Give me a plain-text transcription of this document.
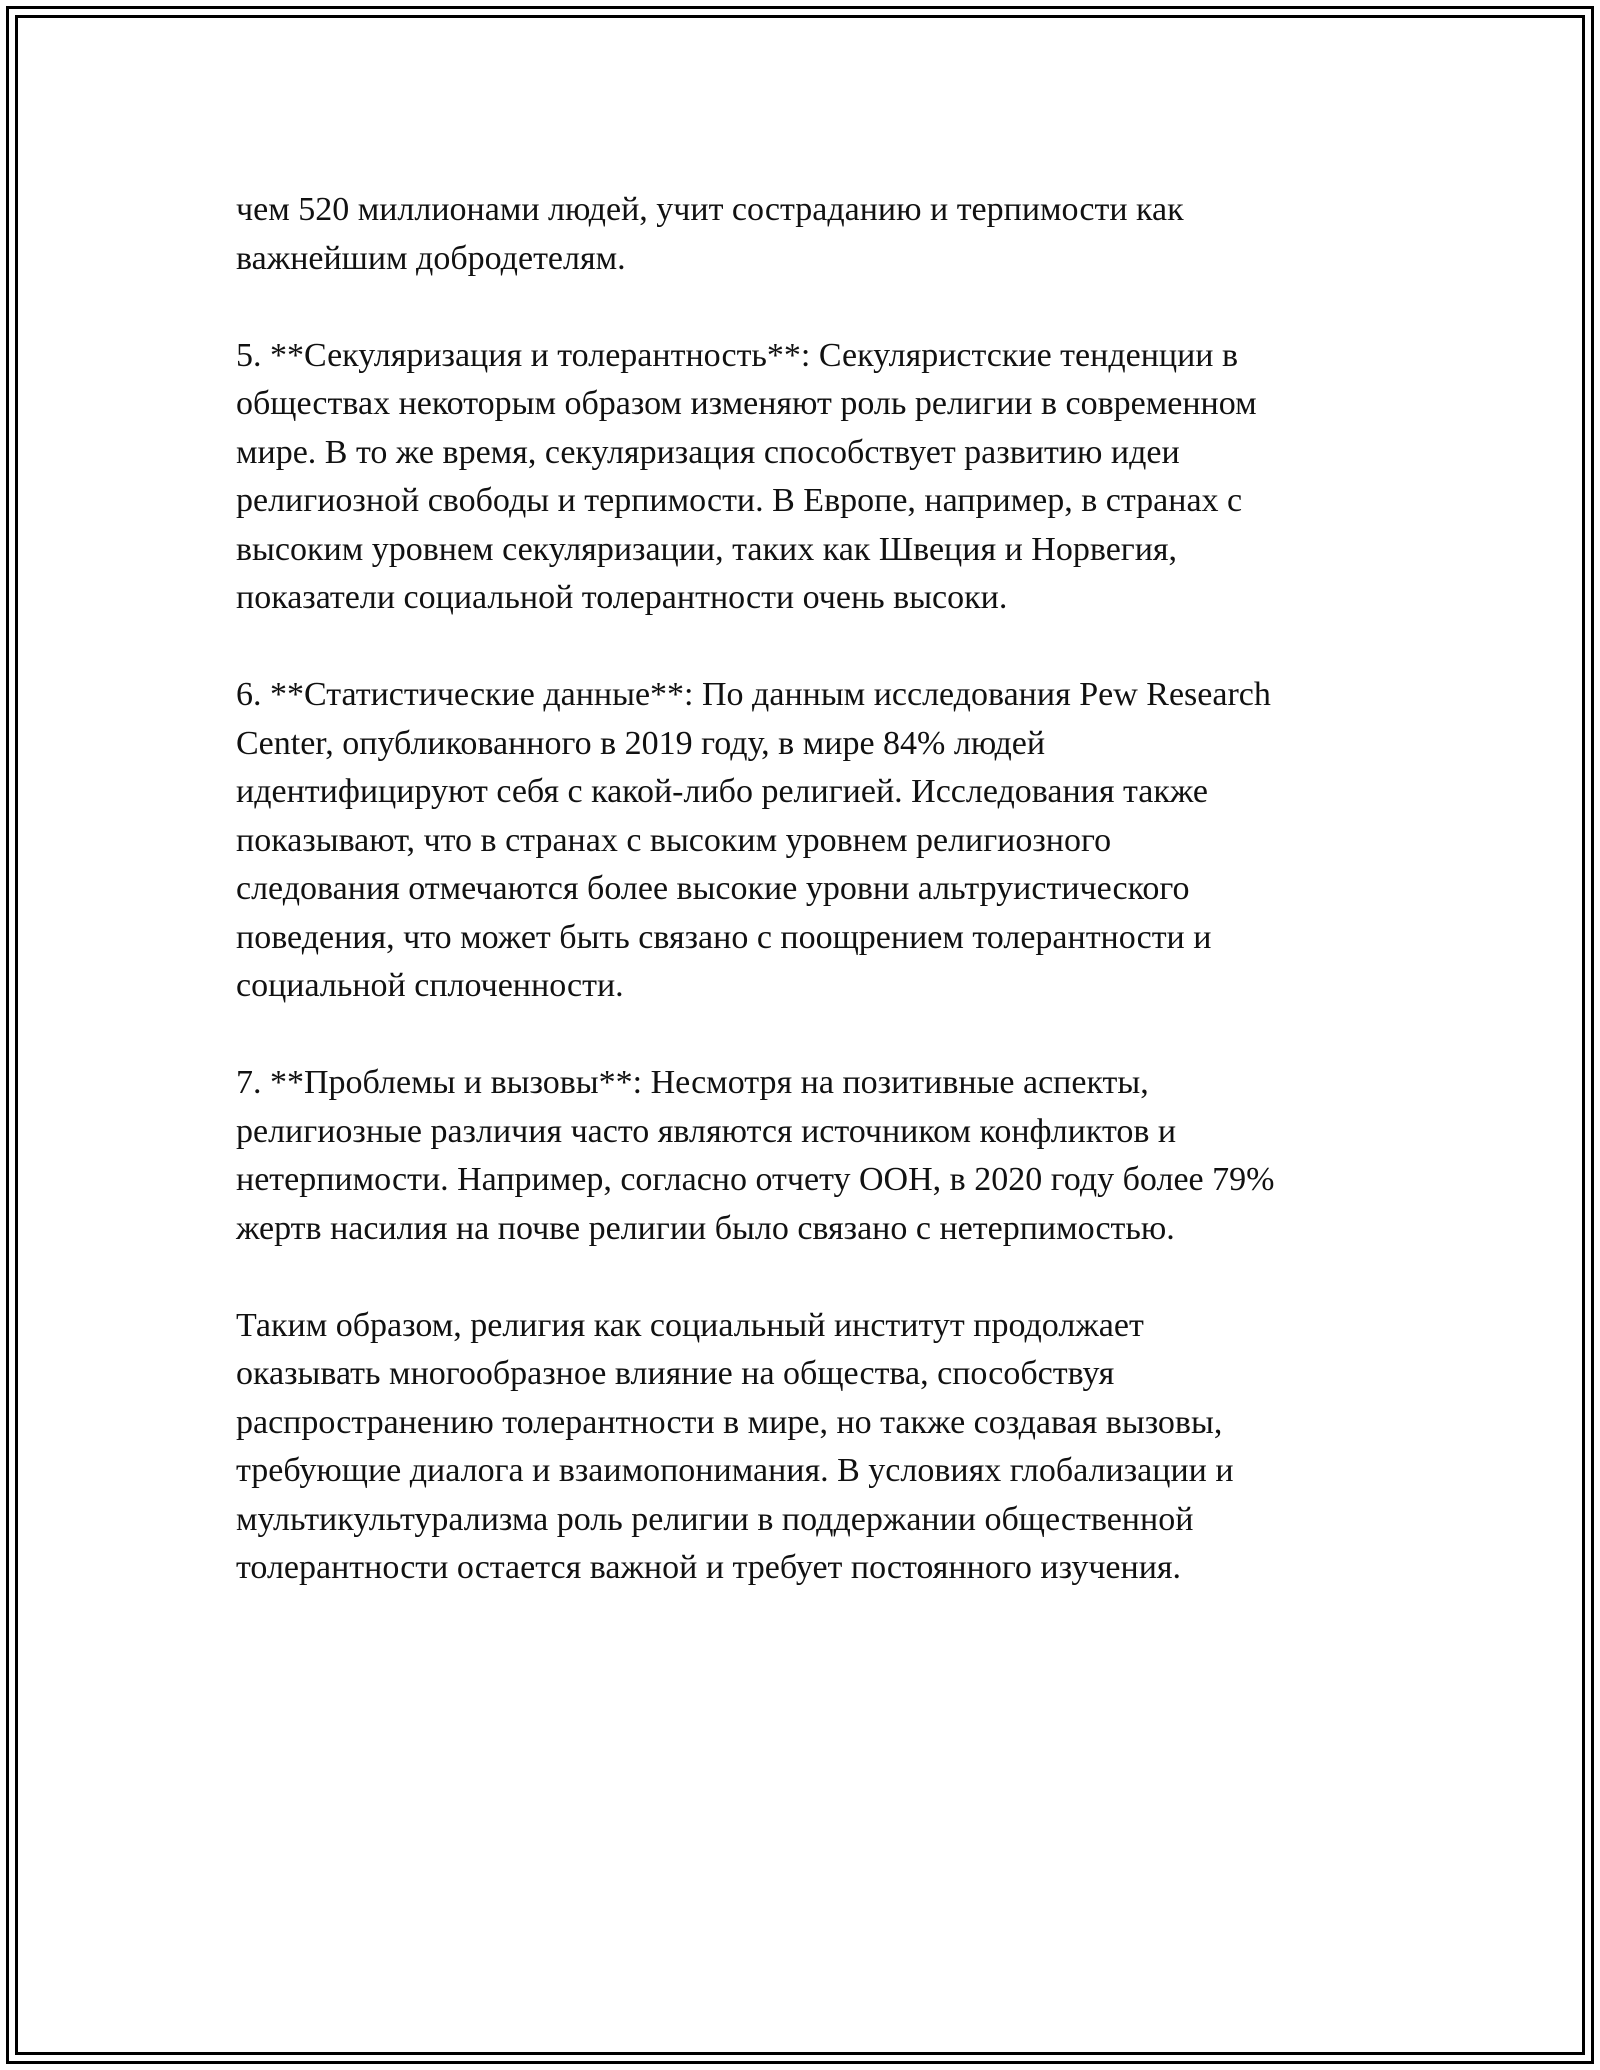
чем 520 миллионами людей, учит состраданию и терпимости как
важнейшим добродетелям.

5. **Секуляризация и толерантность**: Секуляристские тенденции в
обществах некоторым образом изменяют роль религии в современном
мире. В то же время, секуляризация способствует развитию идеи
религиозной свободы и терпимости. В Европе, например, в странах с
высоким уровнем секуляризации, таких как Швеция и Норвегия,
показатели социальной толерантности очень высоки.

6. **Статистические данные**: По данным исследования Pew Research
Center, опубликованного в 2019 году, в мире 84% людей
идентифицируют себя с какой-либо религией. Исследования также
показывают, что в странах с высоким уровнем религиозного
следования отмечаются более высокие уровни альтруистического
поведения, что может быть связано с поощрением толерантности и
социальной сплоченности.

7. **Проблемы и вызовы**: Несмотря на позитивные аспекты,
религиозные различия часто являются источником конфликтов и
нетерпимости. Например, согласно отчету ООН, в 2020 году более 79%
жертв насилия на почве религии было связано с нетерпимостью.

Таким образом, религия как социальный институт продолжает
оказывать многообразное влияние на общества, способствуя
распространению толерантности в мире, но также создавая вызовы,
требующие диалога и взаимопонимания. В условиях глобализации и
мультикультурализма роль религии в поддержании общественной
толерантности остается важной и требует постоянного изучения.
